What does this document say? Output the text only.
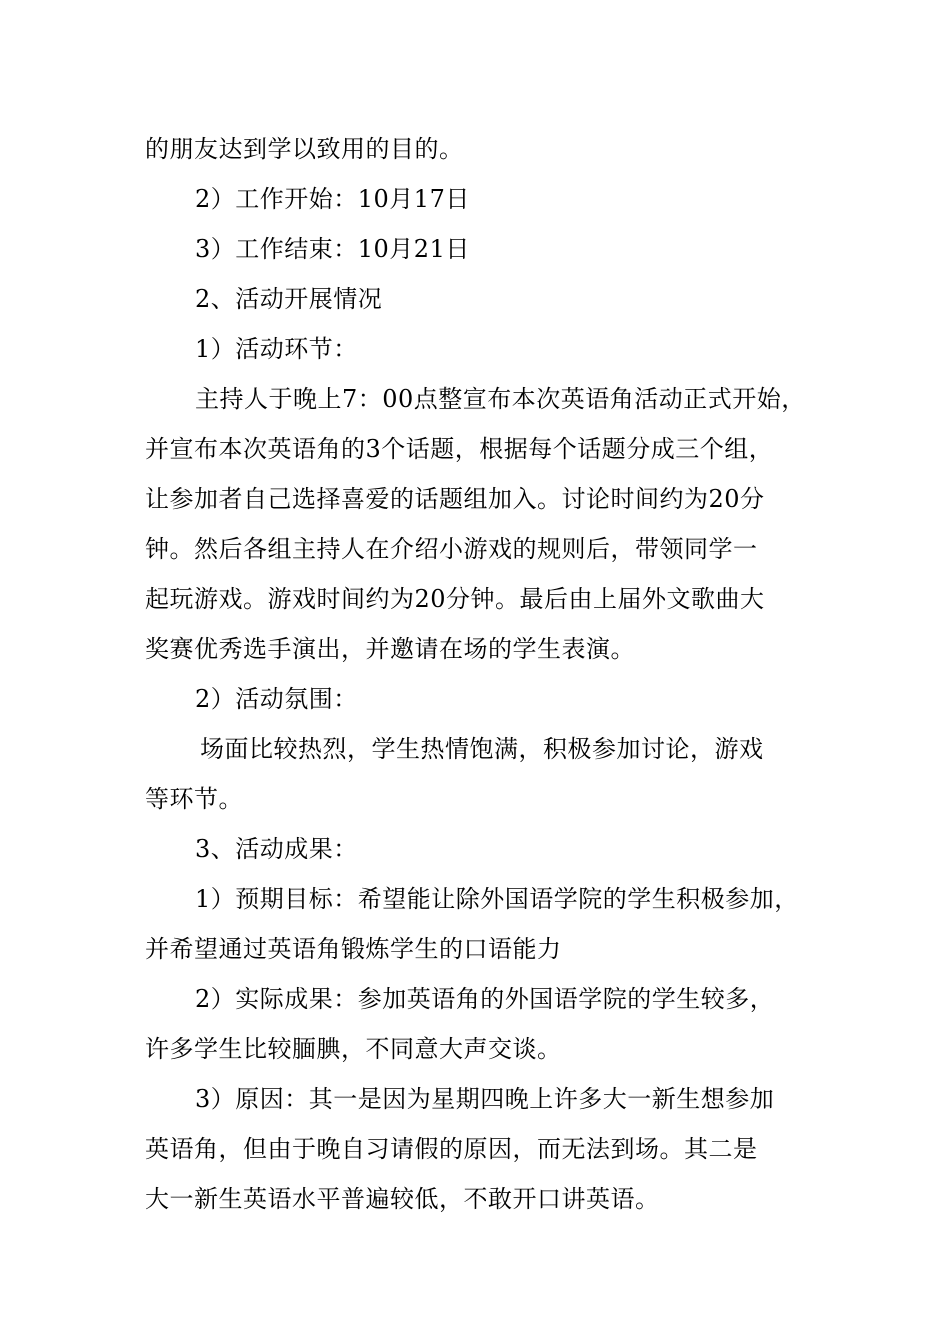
的朋友达到学以致用的目的。
2）工作开始：10月17日
3）工作结束：10月21日
2、活动开展情况
1）活动环节：
主持人于晚上7：00点整宣布本次英语角活动正式开始，
并宣布本次英语角的3个话题，根据每个话题分成三个组，
让参加者自己选择喜爱的话题组加入。讨论时间约为20分
钟。然后各组主持人在介绍小游戏的规则后，带领同学一
起玩游戏。游戏时间约为20分钟。最后由上届外文歌曲大
奖赛优秀选手演出，并邀请在场的学生表演。
2）活动氛围：
场面比较热烈，学生热情饱满，积极参加讨论，游戏
等环节。
3、活动成果：
1）预期目标：希望能让除外国语学院的学生积极参加，
并希望通过英语角锻炼学生的口语能力
2）实际成果：参加英语角的外国语学院的学生较多，
许多学生比较腼腆，不同意大声交谈。
3）原因：其一是因为星期四晚上许多大一新生想参加
英语角，但由于晚自习请假的原因，而无法到场。其二是
大一新生英语水平普遍较低，不敢开口讲英语。
